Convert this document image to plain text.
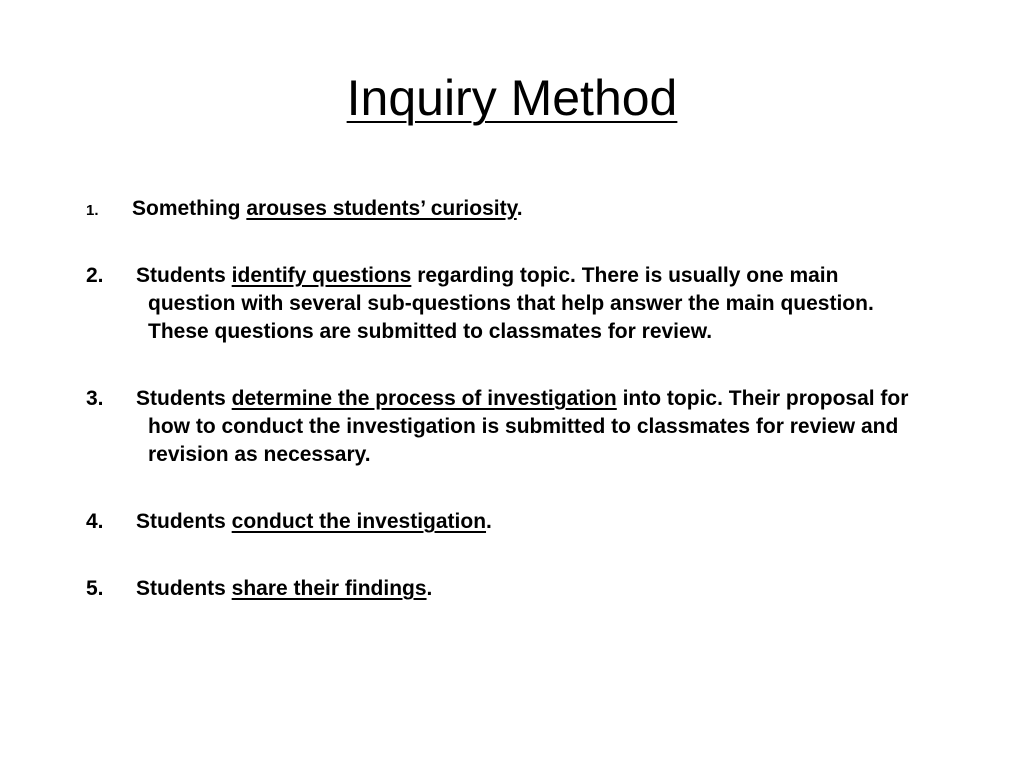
Inquiry Method
1.	Something arouses students’ curiosity.
2.	Students identify questions regarding topic. There is usually one main question with several sub-questions that help answer the main question. These questions are submitted to classmates for review.
3.	Students determine the process of investigation into topic. Their proposal for how to conduct the investigation is submitted to classmates for review and revision as necessary.
4.	Students conduct the investigation.
5.	Students share their findings.
